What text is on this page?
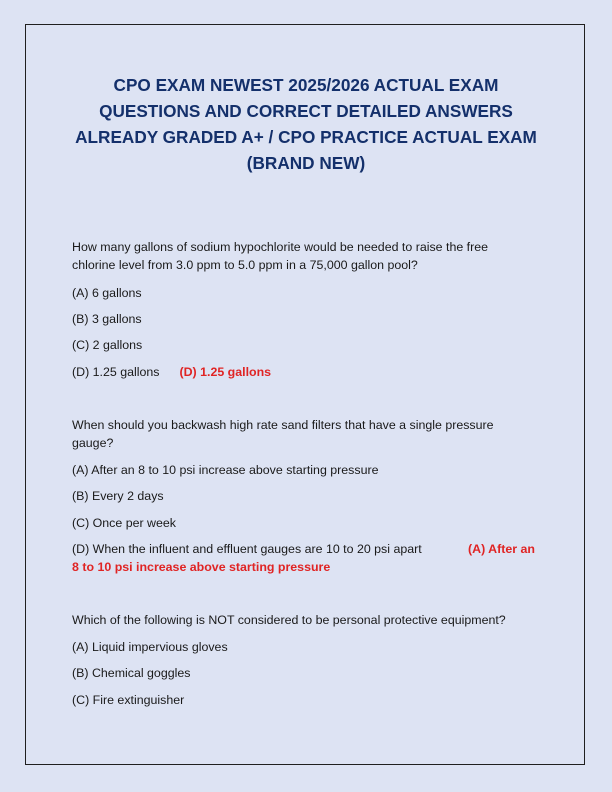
CPO EXAM NEWEST 2025/2026 ACTUAL EXAM
QUESTIONS AND CORRECT DETAILED ANSWERS
ALREADY GRADED A+ / CPO PRACTICE ACTUAL EXAM
(BRAND NEW)

How many gallons of sodium hypochlorite would be needed to raise the free
chlorine level from 3.0 ppm to 5.0 ppm in a 75,000 gallon pool?

(A) 6 gallons

(B) 3 gallons

(C) 2 gallons

(D) 1.25 gallons (D) 1.25 gallons

When should you backwash high rate sand filters that have a single pressure
gauge?

(A) After an 8 to 10 psi increase above starting pressure

(B) Every 2 days

(C) Once per week

(D) When the influent and effluent gauges are 10 to 20 psi apart	(A) After an
8 to 10 psi increase above starting pressure

Which of the following is NOT considered to be personal protective equipment?

(A) Liquid impervious gloves

(B) Chemical goggles

(C) Fire extinguisher
